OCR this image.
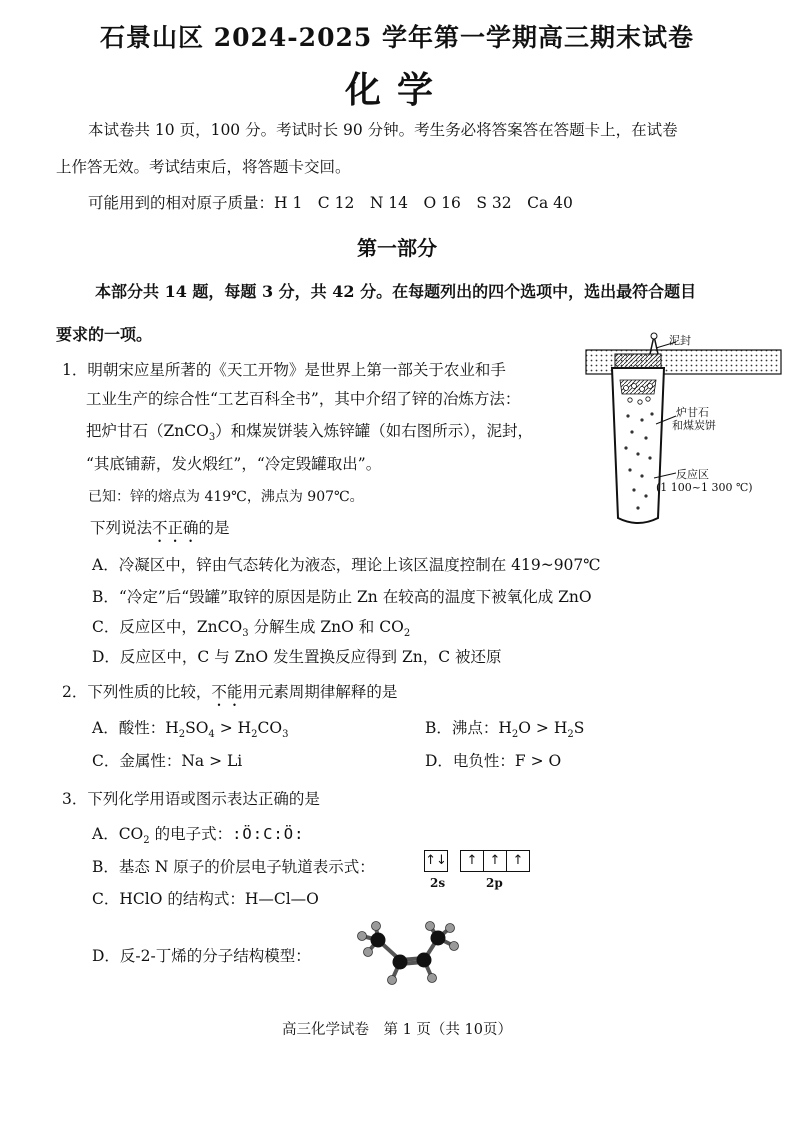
石景山区 2024-2025 学年第一学期高三期末试卷
化学
本试卷共 10 页，100 分。考试时长 90 分钟。考生务必将答案答在答题卡上，在试卷
上作答无效。考试结束后，将答题卡交回。
可能用到的相对原子质量：H 1　C 12　N 14　O 16　S 32　Ca 40
第一部分
本部分共 14 题，每题 3 分，共 42 分。在每题列出的四个选项中，选出最符合题目
要求的一项。
1．明朝宋应星所著的《天工开物》是世界上第一部关于农业和手
工业生产的综合性“工艺百科全书”，其中介绍了锌的冶炼方法：
把炉甘石（ZnCO$_3$）和煤炭饼装入炼锌罐（如右图所示），泥封，
“其底铺薪，发火煅红”，“冷定毁罐取出”。
已知：锌的熔点为 419℃，沸点为 907℃。
下列说法不正确的是
A．冷凝区中，锌由气态转化为液态，理论上该区温度控制在 419~907℃
B．“冷定”后“毁罐”取锌的原因是防止 Zn 在较高的温度下被氧化成 ZnO
C．反应区中，ZnCO$_3$ 分解生成 ZnO 和 $CO_2$
D．反应区中，C 与 ZnO 发生置换反应得到 Zn，C 被还原
泥封
炉甘石
和煤炭饼
反应区
(1 100~1 300 ℃)
2．下列性质的比较，不能用元素周期律解释的是
A．酸性：$H_2SO_4 > H_2CO_3$	B．沸点：$H_2O > H_2S$
C．金属性：Na > Li	D．电负性：F > O
3．下列化学用语或图示表达正确的是
A．$CO_2$ 的电子式：:Ö:C:Ö:
B．基态 N 原子的价层电子轨道表示式：	↑↓	↑ ↑ ↑
2s	2p
C．HClO 的结构式：H—Cl—O
D．反-2-丁烯的分子结构模型：
高三化学试卷　第 1 页（共 10页）
